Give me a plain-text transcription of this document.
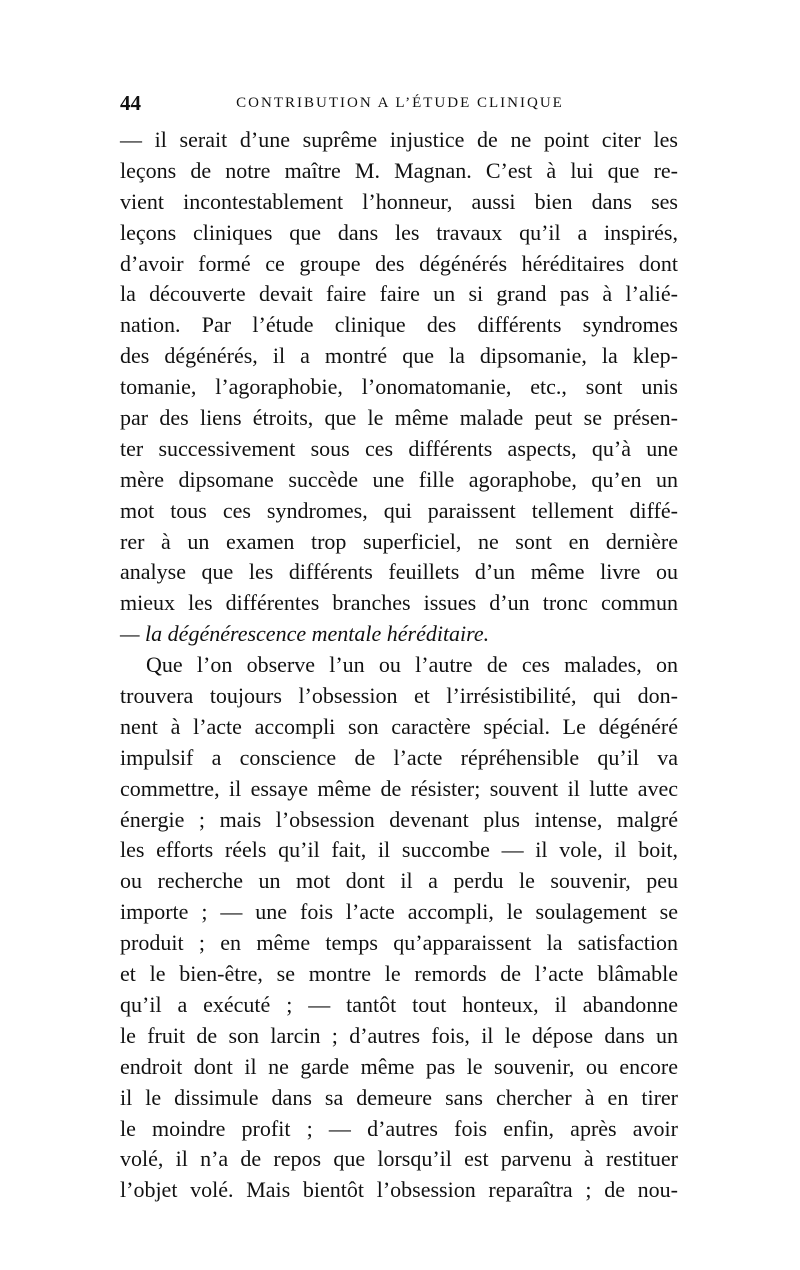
44	CONTRIBUTION A L’ÉTUDE CLINIQUE
— il serait d’une suprême injustice de ne point citer les
leçons de notre maître M. Magnan. C’est à lui que re-
vient incontestablement l’honneur, aussi bien dans ses
leçons cliniques que dans les travaux qu’il a inspirés,
d’avoir formé ce groupe des dégénérés héréditaires dont
la découverte devait faire faire un si grand pas à l’alié-
nation. Par l’étude clinique des différents syndromes
des dégénérés, il a montré que la dipsomanie, la klep-
tomanie, l’agoraphobie, l’onomatomanie, etc., sont unis
par des liens étroits, que le même malade peut se présen-
ter successivement sous ces différents aspects, qu’à une
mère dipsomane succède une fille agoraphobe, qu’en un
mot tous ces syndromes, qui paraissent tellement diffé-
rer à un examen trop superficiel, ne sont en dernière
analyse que les différents feuillets d’un même livre ou
mieux les différentes branches issues d’un tronc commun
— la dégénérescence mentale héréditaire.
Que l’on observe l’un ou l’autre de ces malades, on
trouvera toujours l’obsession et l’irrésistibilité, qui don-
nent à l’acte accompli son caractère spécial. Le dégénéré
impulsif a conscience de l’acte répréhensible qu’il va
commettre, il essaye même de résister; souvent il lutte avec
énergie ; mais l’obsession devenant plus intense, malgré
les efforts réels qu’il fait, il succombe — il vole, il boit,
ou recherche un mot dont il a perdu le souvenir, peu
importe ; — une fois l’acte accompli, le soulagement se
produit ; en même temps qu’apparaissent la satisfaction
et le bien-être, se montre le remords de l’acte blâmable
qu’il a exécuté ; — tantôt tout honteux, il abandonne
le fruit de son larcin ; d’autres fois, il le dépose dans un
endroit dont il ne garde même pas le souvenir, ou encore
il le dissimule dans sa demeure sans chercher à en tirer
le moindre profit ; — d’autres fois enfin, après avoir
volé, il n’a de repos que lorsqu’il est parvenu à restituer
l’objet volé. Mais bientôt l’obsession reparaîtra ; de nou-
